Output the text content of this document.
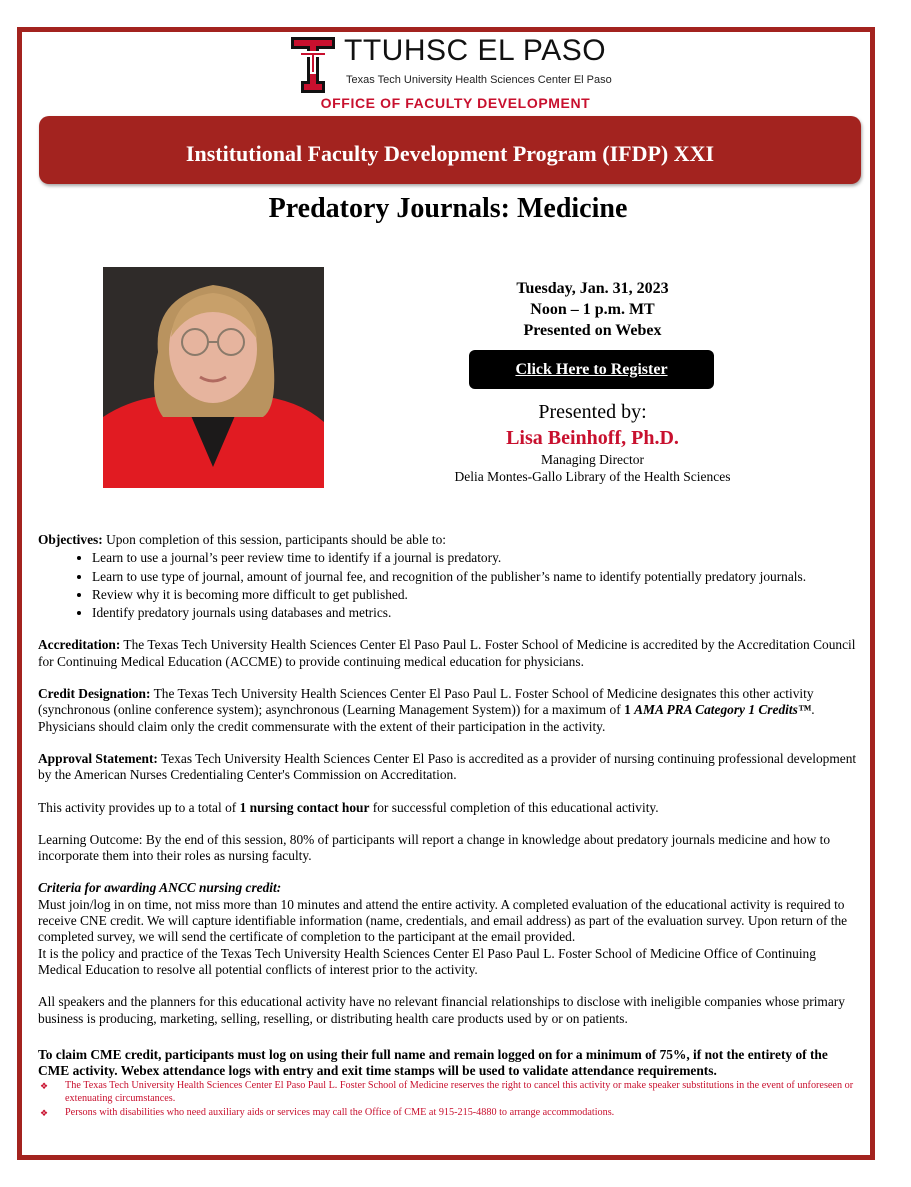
TTUHSC EL PASO
Texas Tech University Health Sciences Center El Paso
OFFICE OF FACULTY DEVELOPMENT
Institutional Faculty Development Program (IFDP) XXI
Predatory Journals: Medicine
Tuesday, Jan. 31, 2023
Noon – 1 p.m. MT
Presented on Webex
Click Here to Register
Presented by:
Lisa Beinhoff, Ph.D.
Managing Director
Delia Montes-Gallo Library of the Health Sciences

Objectives: Upon completion of this session, participants should be able to:

• Learn to use a journal’s peer review time to identify if a journal is predatory.
• Learn to use type of journal, amount of journal fee, and recognition of the publisher’s name to identify potentially predatory journals.
• Review why it is becoming more difficult to get published.
• Identify predatory journals using databases and metrics.

Accreditation: The Texas Tech University Health Sciences Center El Paso Paul L. Foster School of Medicine is accredited by the Accreditation Council for Continuing Medical Education (ACCME) to provide continuing medical education for physicians.

Credit Designation: The Texas Tech University Health Sciences Center El Paso Paul L. Foster School of Medicine designates this other activity (synchronous (online conference system); asynchronous (Learning Management System)) for a maximum of 1 AMA PRA Category 1 Credits™. Physicians should claim only the credit commensurate with the extent of their participation in the activity.

Approval Statement: Texas Tech University Health Sciences Center El Paso is accredited as a provider of nursing continuing professional development by the American Nurses Credentialing Center's Commission on Accreditation.

This activity provides up to a total of 1 nursing contact hour for successful completion of this educational activity.

Learning Outcome: By the end of this session, 80% of participants will report a change in knowledge about predatory journals medicine and how to incorporate them into their roles as nursing faculty.

Criteria for awarding ANCC nursing credit:

Must join/log in on time, not miss more than 10 minutes and attend the entire activity. A completed evaluation of the educational activity is required to receive CNE credit. We will capture identifiable information (name, credentials, and email address) as part of the evaluation survey. Upon return of the completed survey, we will send the certificate of completion to the participant at the email provided.

It is the policy and practice of the Texas Tech University Health Sciences Center El Paso Paul L. Foster School of Medicine Office of Continuing Medical Education to resolve all potential conflicts of interest prior to the activity.

All speakers and the planners for this educational activity have no relevant financial relationships to disclose with ineligible companies whose primary business is producing, marketing, selling, reselling, or distributing health care products used by or on patients.

To claim CME credit, participants must log on using their full name and remain logged on for a minimum of 75%, if not the entirety of the CME activity. Webex attendance logs with entry and exit time stamps will be used to validate attendance requirements.

❖ The Texas Tech University Health Sciences Center El Paso Paul L. Foster School of Medicine reserves the right to cancel this activity or make speaker substitutions in the event of unforeseen or extenuating circumstances.
❖ Persons with disabilities who need auxiliary aids or services may call the Office of CME at 915-215-4880 to arrange accommodations.
